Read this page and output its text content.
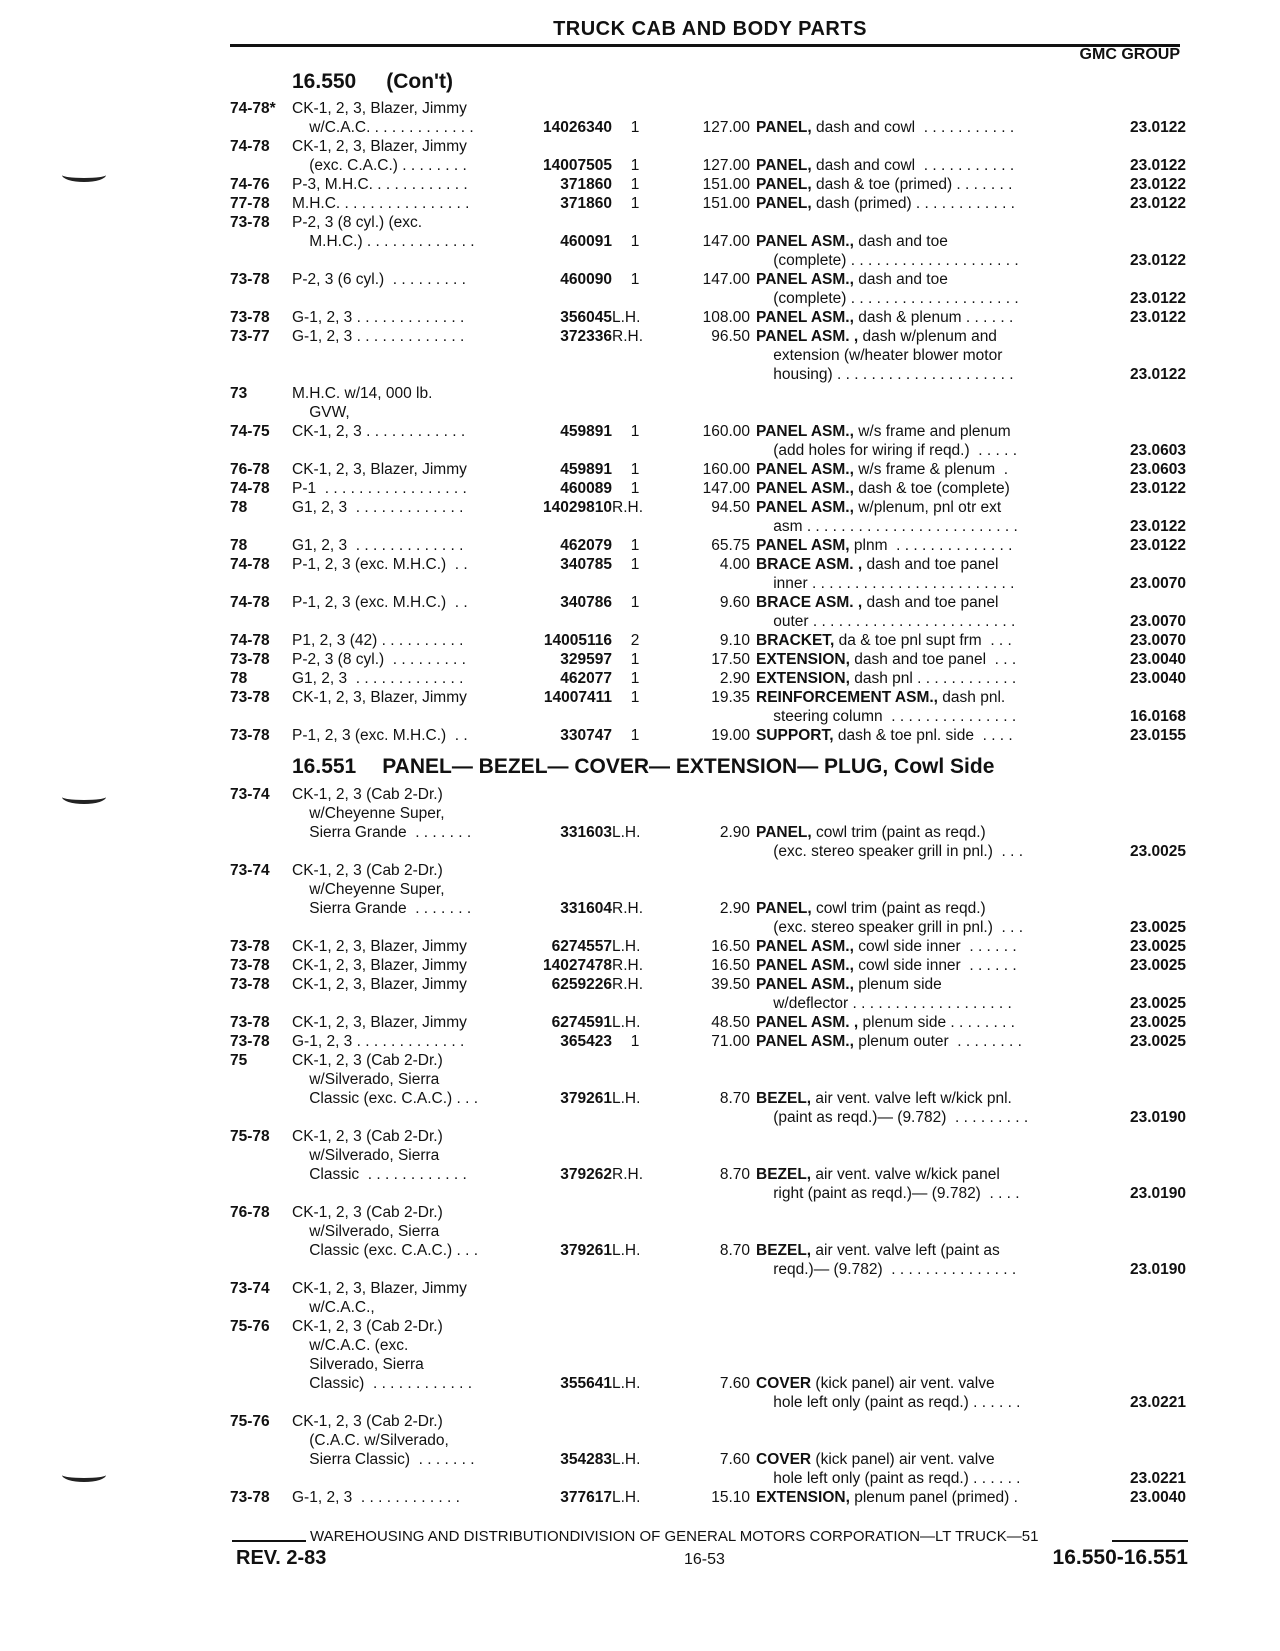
TRUCK CAB AND BODY PARTS
GMC GROUP
16.550 (Con't)
16.551 PANEL— BEZEL— COVER— EXTENSION— PLUG, Cowl Side
74-78*	CK-1, 2, 3, Blazer, Jimmy
w/C.A.C. . . . . . . . . . . . .	14026340	1	127.00 PANEL, dash and cowl  . . . . . . . . . . .	23.0122
74-78	CK-1, 2, 3, Blazer, Jimmy
(exc. C.A.C.) . . . . . . . .	14007505	1	127.00 PANEL, dash and cowl  . . . . . . . . . . .	23.0122
74-76	P-3, M.H.C. . . . . . . . . . . .	371860	1	151.00 PANEL, dash & toe (primed) . . . . . . .	23.0122
77-78	M.H.C. . . . . . . . . . . . . . . .	371860	1	151.00 PANEL, dash (primed) . . . . . . . . . . . .	23.0122
73-78	P-2, 3 (8 cyl.) (exc.
M.H.C.) . . . . . . . . . . . . .	460091	1	147.00 PANEL ASM., dash and toe
(complete) . . . . . . . . . . . . . . . . . . . .	23.0122
73-78	P-2, 3 (6 cyl.)  . . . . . . . . .	460090	1	147.00 PANEL ASM., dash and toe
(complete) . . . . . . . . . . . . . . . . . . . .	23.0122
73-78	G-1, 2, 3 . . . . . . . . . . . . .	356045 L.H.	108.00 PANEL ASM., dash & plenum . . . . . .	23.0122
73-77	G-1, 2, 3 . . . . . . . . . . . . .	372336 R.H.	96.50 PANEL ASM. , dash w/plenum and
extension (w/heater blower motor
housing) . . . . . . . . . . . . . . . . . . . . .	23.0122
73	M.H.C. w/14, 000 lb.
GVW,
74-75	CK-1, 2, 3 . . . . . . . . . . . .	459891	1	160.00 PANEL ASM., w/s frame and plenum
(add holes for wiring if reqd.)  . . . . .	23.0603
76-78	CK-1, 2, 3, Blazer, Jimmy	459891	1	160.00 PANEL ASM., w/s frame & plenum  .	23.0603
74-78	P-1  . . . . . . . . . . . . . . . . .	460089	1	147.00 PANEL ASM., dash & toe (complete)	23.0122
78	G1, 2, 3  . . . . . . . . . . . . .	14029810 R.H.	94.50 PANEL ASM., w/plenum, pnl otr ext
asm . . . . . . . . . . . . . . . . . . . . . . . . .	23.0122
78	G1, 2, 3  . . . . . . . . . . . . .	462079	1	65.75 PANEL ASM, plnm  . . . . . . . . . . . . . .	23.0122
74-78	P-1, 2, 3 (exc. M.H.C.)  . .	340785	1	4.00 BRACE ASM. , dash and toe panel
inner . . . . . . . . . . . . . . . . . . . . . . . .	23.0070
74-78	P-1, 2, 3 (exc. M.H.C.)  . .	340786	1	9.60 BRACE ASM. , dash and toe panel
outer . . . . . . . . . . . . . . . . . . . . . . . .	23.0070
74-78	P1, 2, 3 (42) . . . . . . . . . .	14005116	2	9.10 BRACKET, da & toe pnl supt frm  . . .	23.0070
73-78	P-2, 3 (8 cyl.)  . . . . . . . . .	329597	1	17.50 EXTENSION, dash and toe panel  . . .	23.0040
78	G1, 2, 3  . . . . . . . . . . . . .	462077	1	2.90 EXTENSION, dash pnl . . . . . . . . . . . .	23.0040
73-78	CK-1, 2, 3, Blazer, Jimmy	14007411	1	19.35 REINFORCEMENT ASM., dash pnl.
steering column  . . . . . . . . . . . . . . .	16.0168
73-78	P-1, 2, 3 (exc. M.H.C.)  . .	330747	1	19.00 SUPPORT, dash & toe pnl. side  . . . .	23.0155
73-74	CK-1, 2, 3 (Cab 2-Dr.)
w/Cheyenne Super,
Sierra Grande  . . . . . . .	331603 L.H.	2.90 PANEL, cowl trim (paint as reqd.)
(exc. stereo speaker grill in pnl.)  . . .	23.0025
73-74	CK-1, 2, 3 (Cab 2-Dr.)
w/Cheyenne Super,
Sierra Grande  . . . . . . .	331604 R.H.	2.90 PANEL, cowl trim (paint as reqd.)
(exc. stereo speaker grill in pnl.)  . . .	23.0025
73-78	CK-1, 2, 3, Blazer, Jimmy	6274557 L.H.	16.50 PANEL ASM., cowl side inner  . . . . . .	23.0025
73-78	CK-1, 2, 3, Blazer, Jimmy	14027478 R.H.	16.50 PANEL ASM., cowl side inner  . . . . . .	23.0025
73-78	CK-1, 2, 3, Blazer, Jimmy	6259226 R.H.	39.50 PANEL ASM., plenum side
w/deflector . . . . . . . . . . . . . . . . . . .	23.0025
73-78	CK-1, 2, 3, Blazer, Jimmy	6274591 L.H.	48.50 PANEL ASM. , plenum side . . . . . . . .	23.0025
73-78	G-1, 2, 3 . . . . . . . . . . . . .	365423	1	71.00 PANEL ASM., plenum outer  . . . . . . . .	23.0025
75	CK-1, 2, 3 (Cab 2-Dr.)
w/Silverado, Sierra
Classic (exc. C.A.C.) . . .	379261 L.H.	8.70 BEZEL, air vent. valve left w/kick pnl.
(paint as reqd.)— (9.782)  . . . . . . . . .	23.0190
75-78	CK-1, 2, 3 (Cab 2-Dr.)
w/Silverado, Sierra
Classic  . . . . . . . . . . . .	379262 R.H.	8.70 BEZEL, air vent. valve w/kick panel
right (paint as reqd.)— (9.782)  . . . .	23.0190
76-78	CK-1, 2, 3 (Cab 2-Dr.)
w/Silverado, Sierra
Classic (exc. C.A.C.) . . .	379261 L.H.	8.70 BEZEL, air vent. valve left (paint as
reqd.)— (9.782)  . . . . . . . . . . . . . . .	23.0190
73-74	CK-1, 2, 3, Blazer, Jimmy
w/C.A.C.,
75-76	CK-1, 2, 3 (Cab 2-Dr.)
w/C.A.C. (exc.
Silverado, Sierra
Classic)  . . . . . . . . . . . .	355641 L.H.	7.60 COVER (kick panel) air vent. valve
hole left only (paint as reqd.) . . . . . .	23.0221
75-76	CK-1, 2, 3 (Cab 2-Dr.)
(C.A.C. w/Silverado,
Sierra Classic)  . . . . . . .	354283 L.H.	7.60 COVER (kick panel) air vent. valve
hole left only (paint as reqd.) . . . . . .	23.0221
73-78	G-1, 2, 3  . . . . . . . . . . . .	377617 L.H.	15.10 EXTENSION, plenum panel (primed) .	23.0040
WAREHOUSING AND DISTRIBUTIONDIVISION OF GENERAL MOTORS CORPORATION—LT TRUCK—51
REV. 2-83	16-53	16.550-16.551
